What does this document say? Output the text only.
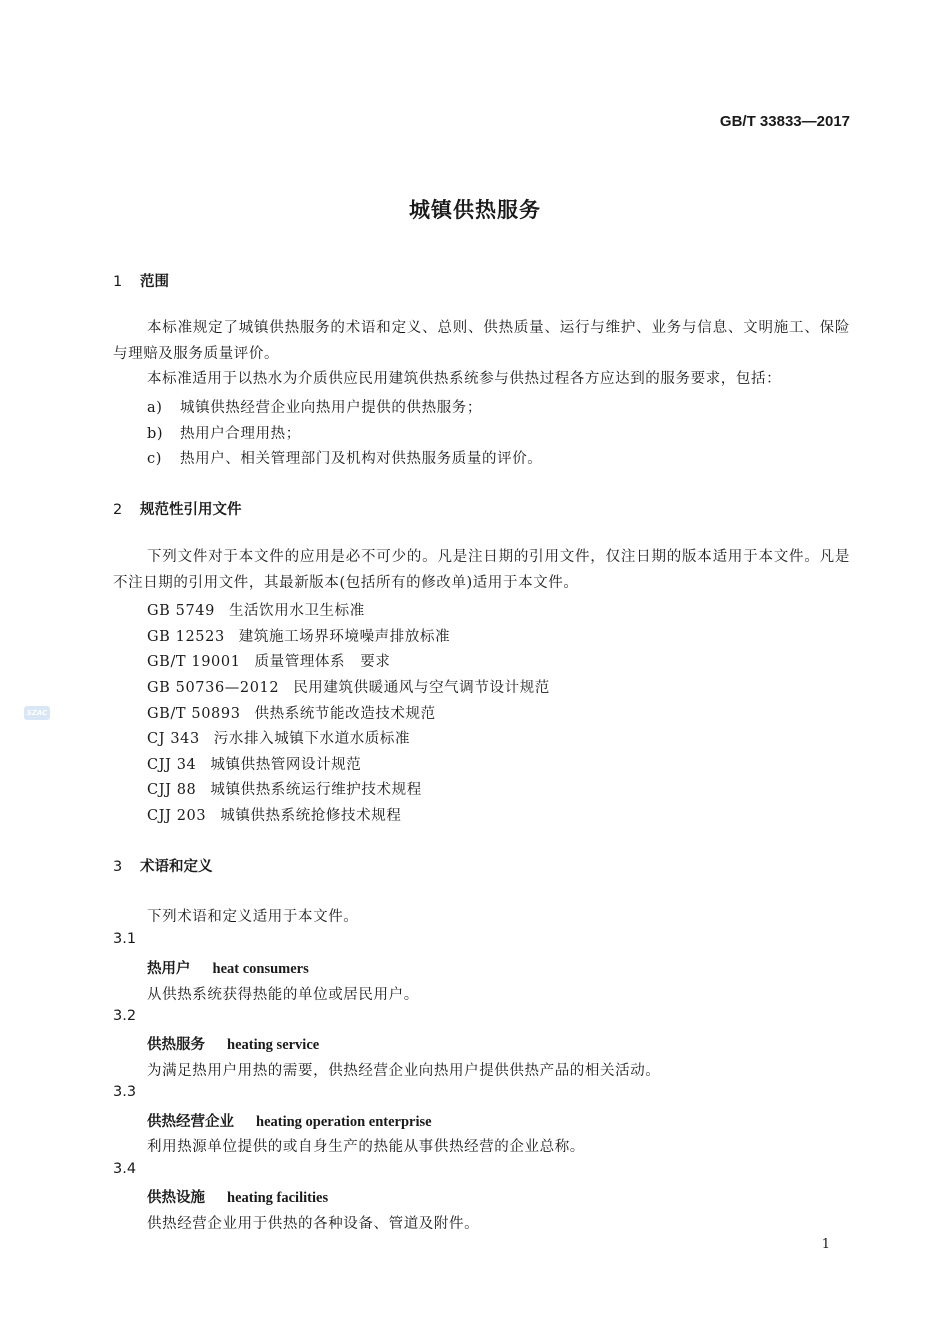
GB/T 33833—2017
城镇供热服务
1 范围
本标准规定了城镇供热服务的术语和定义、总则、供热质量、运行与维护、业务与信息、文明施工、保险与理赔及服务质量评价。
本标准适用于以热水为介质供应民用建筑供热系统参与供热过程各方应达到的服务要求，包括：
a) 城镇供热经营企业向热用户提供的供热服务；
b) 热用户合理用热；
c) 热用户、相关管理部门及机构对供热服务质量的评价。
2 规范性引用文件
下列文件对于本文件的应用是必不可少的。凡是注日期的引用文件，仅注日期的版本适用于本文件。凡是不注日期的引用文件，其最新版本(包括所有的修改单)适用于本文件。
GB 5749 生活饮用水卫生标准
GB 12523 建筑施工场界环境噪声排放标准
GB/T 19001 质量管理体系　要求
GB 50736—2012 民用建筑供暖通风与空气调节设计规范
GB/T 50893 供热系统节能改造技术规范
CJ 343 污水排入城镇下水道水质标准
CJJ 34 城镇供热管网设计规范
CJJ 88 城镇供热系统运行维护技术规程
CJJ 203 城镇供热系统抢修技术规程
3 术语和定义
下列术语和定义适用于本文件。
3.1
热用户 heat consumers
从供热系统获得热能的单位或居民用户。
3.2
供热服务 heating service
为满足热用户用热的需要，供热经营企业向热用户提供供热产品的相关活动。
3.3
供热经营企业 heating operation enterprise
利用热源单位提供的或自身生产的热能从事供热经营的企业总称。
3.4
供热设施 heating facilities
供热经营企业用于供热的各种设备、管道及附件。
SZAC
1
